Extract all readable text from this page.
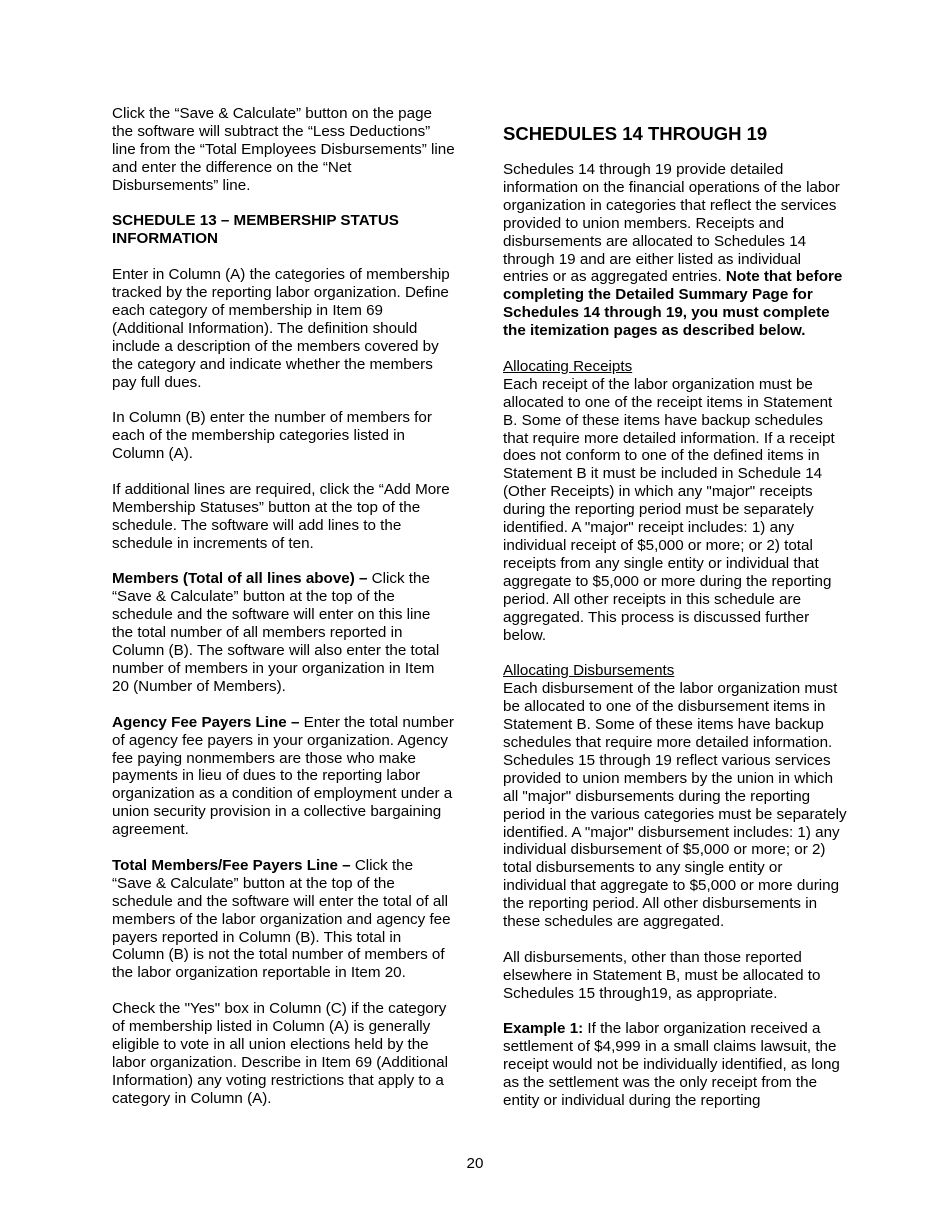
Click the “Save & Calculate” button on the page the software will subtract the “Less Deductions” line from the “Total Employees Disbursements” line and enter the difference on the “Net Disbursements” line.

SCHEDULE 13 – MEMBERSHIP STATUS INFORMATION

Enter in Column (A) the categories of membership tracked by the reporting labor organization. Define each category of membership in Item 69 (Additional Information). The definition should include a description of the members covered by the category and indicate whether the members pay full dues.

In Column (B) enter the number of members for each of the membership categories listed in Column (A).

If additional lines are required, click the “Add More Membership Statuses” button at the top of the schedule. The software will add lines to the schedule in increments of ten.

Members (Total of all lines above) – Click the “Save & Calculate” button at the top of the schedule and the software will enter on this line the total number of all members reported in Column (B). The software will also enter the total number of members in your organization in Item 20 (Number of Members).

Agency Fee Payers Line – Enter the total number of agency fee payers in your organization. Agency fee paying nonmembers are those who make payments in lieu of dues to the reporting labor organization as a condition of employment under a union security provision in a collective bargaining agreement.

Total Members/Fee Payers Line – Click the “Save & Calculate” button at the top of the schedule and the software will enter the total of all members of the labor organization and agency fee payers reported in Column (B). This total in Column (B) is not the total number of members of the labor organization reportable in Item 20.

Check the "Yes" box in Column (C) if the category of membership listed in Column (A) is generally eligible to vote in all union elections held by the labor organization. Describe in Item 69 (Additional Information) any voting restrictions that apply to a category in Column (A).

SCHEDULES 14 THROUGH 19

Schedules 14 through 19 provide detailed information on the financial operations of the labor organization in categories that reflect the services provided to union members. Receipts and disbursements are allocated to Schedules 14 through 19 and are either listed as individual entries or as aggregated entries. Note that before completing the Detailed Summary Page for Schedules 14 through 19, you must complete the itemization pages as described below.

Allocating Receipts

Each receipt of the labor organization must be allocated to one of the receipt items in Statement B. Some of these items have backup schedules that require more detailed information. If a receipt does not conform to one of the defined items in Statement B it must be included in Schedule 14 (Other Receipts) in which any "major" receipts during the reporting period must be separately identified. A "major" receipt includes: 1) any individual receipt of $5,000 or more; or 2) total receipts from any single entity or individual that aggregate to $5,000 or more during the reporting period. All other receipts in this schedule are aggregated. This process is discussed further below.

Allocating Disbursements

Each disbursement of the labor organization must be allocated to one of the disbursement items in Statement B. Some of these items have backup schedules that require more detailed information. Schedules 15 through 19 reflect various services provided to union members by the union in which all "major" disbursements during the reporting period in the various categories must be separately identified. A "major" disbursement includes: 1) any individual disbursement of $5,000 or more; or 2) total disbursements to any single entity or individual that aggregate to $5,000 or more during the reporting period. All other disbursements in these schedules are aggregated.

All disbursements, other than those reported elsewhere in Statement B, must be allocated to Schedules 15 through19, as appropriate.

Example 1: If the labor organization received a settlement of $4,999 in a small claims lawsuit, the receipt would not be individually identified, as long as the settlement was the only receipt from the entity or individual during the reporting

20
